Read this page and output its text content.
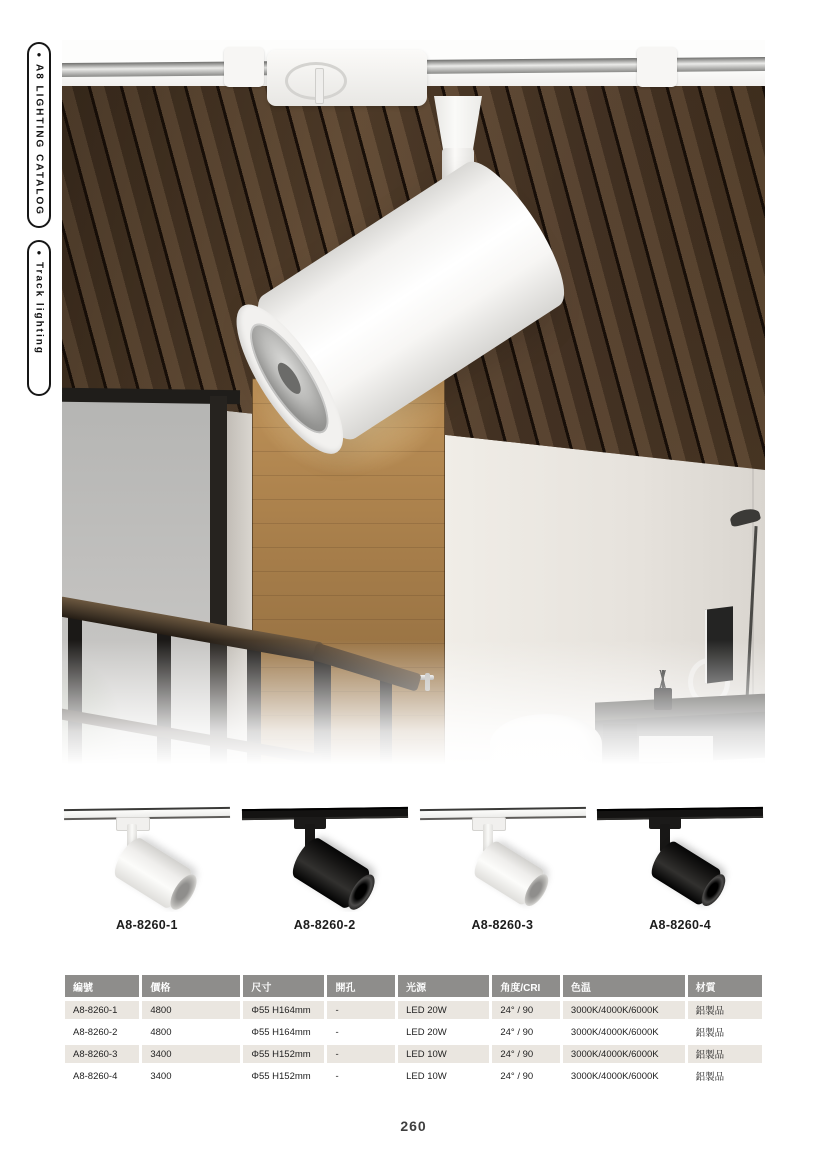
●
A8 LIGHTING CATALOG
●
Track lighting
A8-8260-1	A8-8260-2	A8-8260-3	A8-8260-4
編號	價格	尺寸	開孔	光源	角度/CRI	色温	材質
A8-8260-1	4800	Φ55 H164mm	-	LED 20W	24° / 90	3000K/4000K/6000K	鋁製品
A8-8260-2	4800	Φ55 H164mm	-	LED 20W	24° / 90	3000K/4000K/6000K	鋁製品
A8-8260-3	3400	Φ55 H152mm	-	LED 10W	24° / 90	3000K/4000K/6000K	鋁製品
A8-8260-4	3400	Φ55 H152mm	-	LED 10W	24° / 90	3000K/4000K/6000K	鋁製品
260
